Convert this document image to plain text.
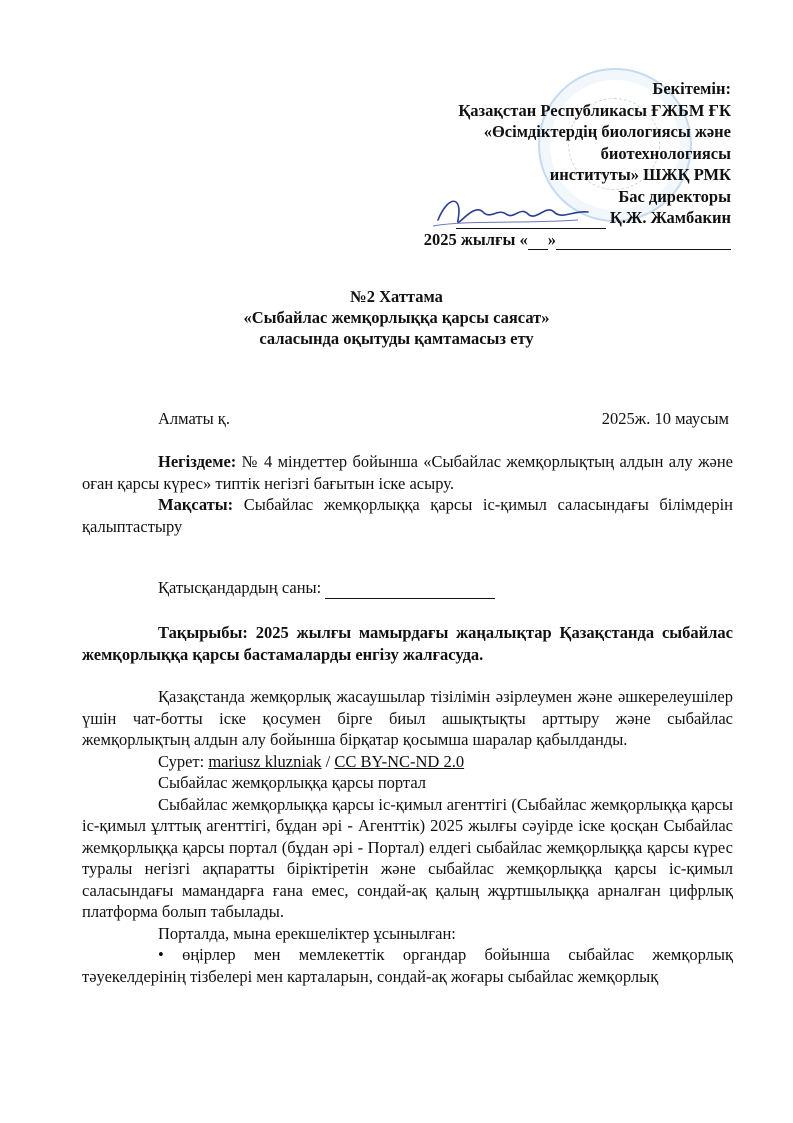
Бекітемін:
Қазақстан Республикасы ҒЖБМ ҒК
«Өсімдіктердің биологиясы және
биотехнологиясы
институты» ШЖҚ РМК
Бас директоры
Қ.Ж. Жамбакин
2025 жылғы « »
№2 Хаттама
«Сыбайлас жемқорлыққа қарсы саясат»
саласында оқытуды қамтамасыз ету
Алматы қ.	2025ж. 10 маусым

Негіздеме: № 4 міндеттер бойынша «Сыбайлас жемқорлықтың алдын алу және оған қарсы күрес» типтік негізгі бағытын іске асыру.

Мақсаты: Сыбайлас жемқорлыққа қарсы іс-қимыл саласындағы білімдерін қалыптастыру

Қатысқандардың саны:

Тақырыбы: 2025 жылғы мамырдағы жаңалықтар Қазақстанда сыбайлас жемқорлыққа қарсы бастамаларды енгізу жалғасуда.

Қазақстанда жемқорлық жасаушылар тізілімін әзірлеумен және әшкерелеушілер үшін чат-ботты іске қосумен бірге биыл ашықтықты арттыру және сыбайлас жемқорлықтың алдын алу бойынша бірқатар қосымша шаралар қабылданды.

Сурет: mariusz kluzniak / CC BY-NC-ND 2.0

Сыбайлас жемқорлыққа қарсы портал

Сыбайлас жемқорлыққа қарсы іс-қимыл агенттігі (Сыбайлас жемқорлыққа қарсы іс-қимыл ұлттық агенттігі, бұдан әрі - Агенттік) 2025 жылғы сәуірде іске қосқан Сыбайлас жемқорлыққа қарсы портал (бұдан әрі - Портал) елдегі сыбайлас жемқорлыққа қарсы күрес туралы негізгі ақпаратты біріктіретін және сыбайлас жемқорлыққа қарсы іс-қимыл саласындағы мамандарға ғана емес, сондай-ақ қалың жұртшылыққа арналған цифрлық платформа болып табылады.

Порталда, мына ерекшеліктер ұсынылған:

• өңірлер мен мемлекеттік органдар бойынша сыбайлас жемқорлық тәуекелдерінің тізбелері мен карталарын, сондай-ақ жоғары сыбайлас жемқорлық
